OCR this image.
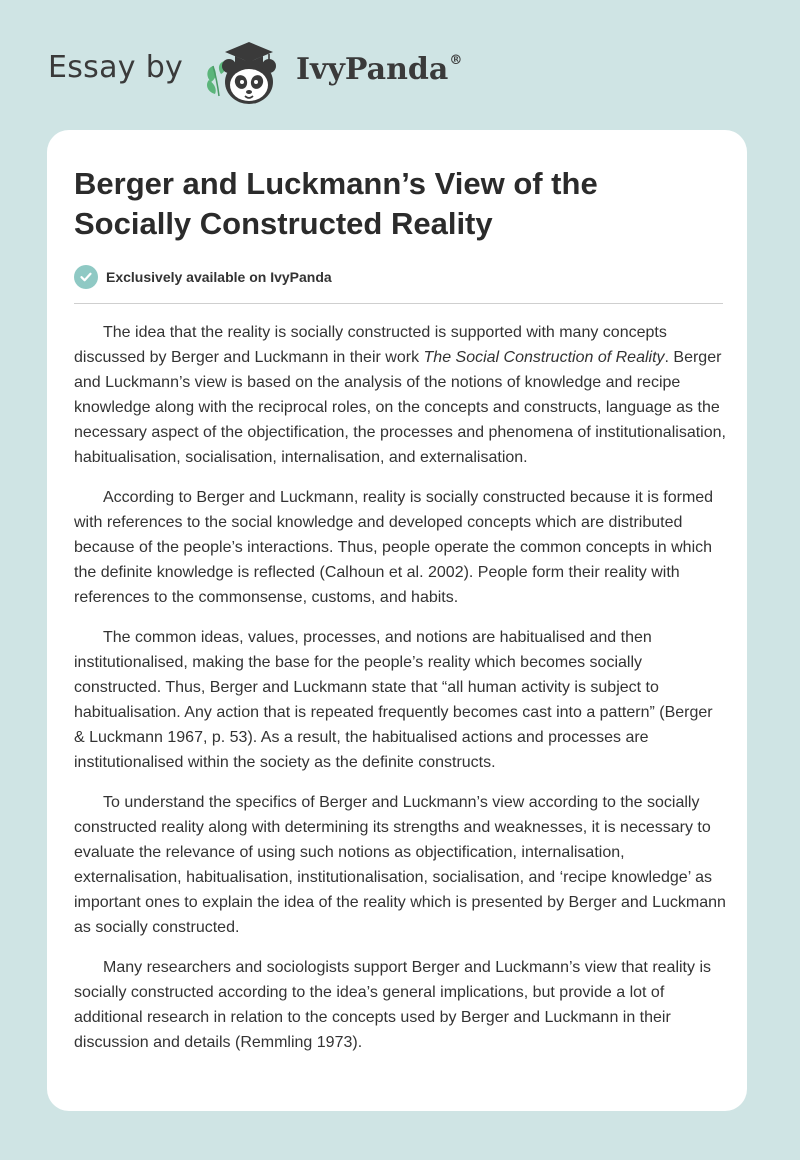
Essay by	IvyPanda®
Berger and Luckmann’s View of the Socially Constructed Reality
Exclusively available on IvyPanda

The idea that the reality is socially constructed is supported with many concepts discussed by Berger and Luckmann in their work The Social Construction of Reality. Berger and Luckmann’s view is based on the analysis of the notions of knowledge and recipe knowledge along with the reciprocal roles, on the concepts and constructs, language as the necessary aspect of the objectification, the processes and phenomena of institutionalisation, habitualisation, socialisation, internalisation, and externalisation.

According to Berger and Luckmann, reality is socially constructed because it is formed with references to the social knowledge and developed concepts which are distributed because of the people’s interactions. Thus, people operate the common concepts in which the definite knowledge is reflected (Calhoun et al. 2002). People form their reality with references to the commonsense, customs, and habits.

The common ideas, values, processes, and notions are habitualised and then institutionalised, making the base for the people’s reality which becomes socially constructed. Thus, Berger and Luckmann state that “all human activity is subject to habitualisation. Any action that is repeated frequently becomes cast into a pattern” (Berger & Luckmann 1967, p. 53). As a result, the habitualised actions and processes are institutionalised within the society as the definite constructs.

To understand the specifics of Berger and Luckmann’s view according to the socially constructed reality along with determining its strengths and weaknesses, it is necessary to evaluate the relevance of using such notions as objectification, internalisation, externalisation, habitualisation, institutionalisation, socialisation, and ‘recipe knowledge’ as important ones to explain the idea of the reality which is presented by Berger and Luckmann as socially constructed.

Many researchers and sociologists support Berger and Luckmann’s view that reality is socially constructed according to the idea’s general implications, but provide a lot of additional research in relation to the concepts used by Berger and Luckmann in their discussion and details (Remmling 1973).
